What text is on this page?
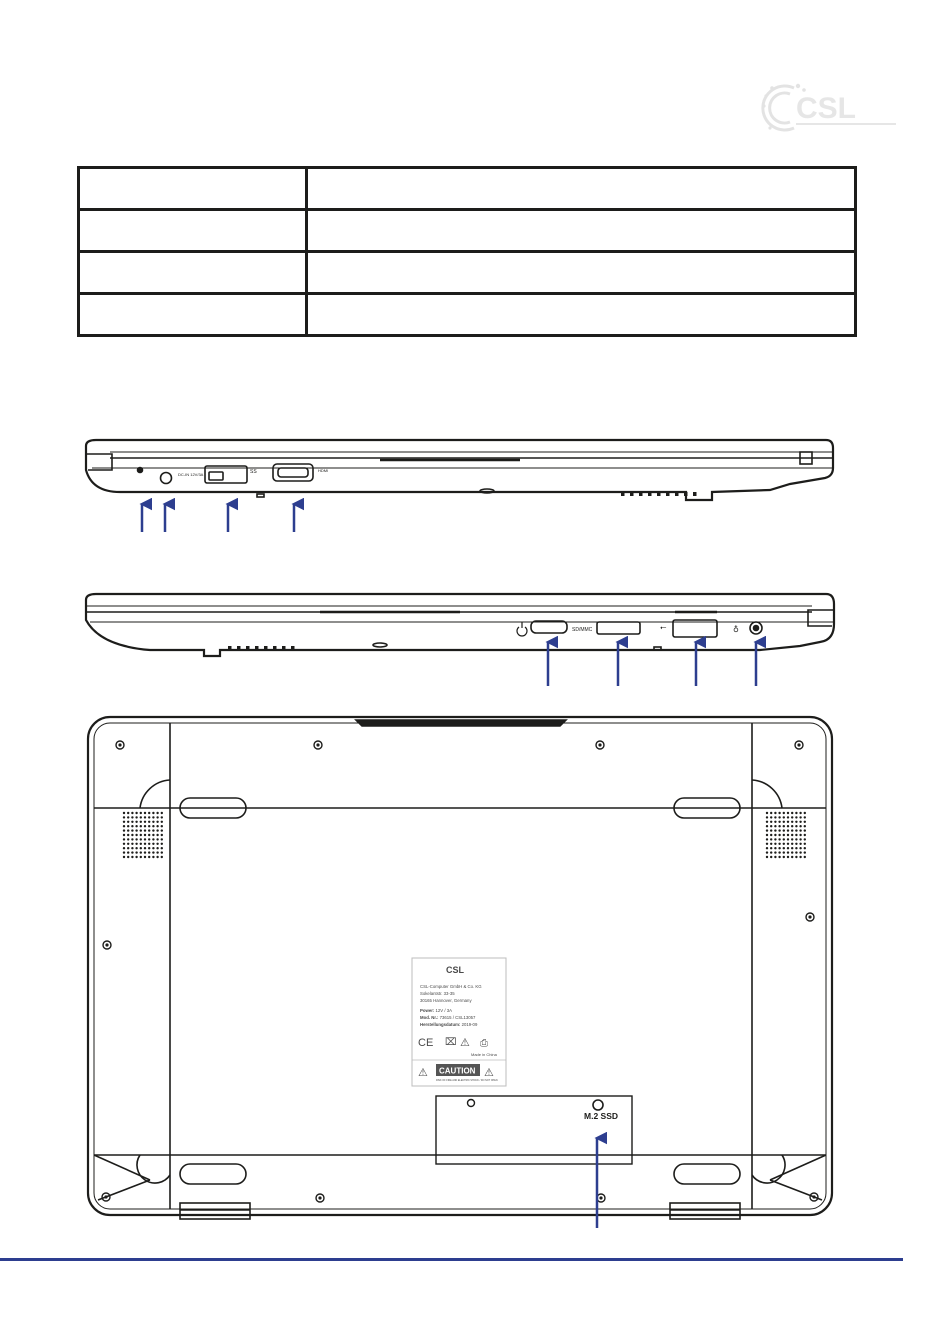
CSL

DC-IN 12V/3A	SS	HDMI
SD/MMC	⭠	♁
M.2 SSD
CSL
CSL-Computer GmbH & Co. KG
Sokelantstr. 33-35
30165 Hannover, Germany
Power: 12V / 3A
Mod. Nr.: 73615 / CSL13057
Herstellungsdatum: 2019-09
CE ⌧ ⚠ ⎙
Made in China
⚠ CAUTION
RISK OF FIRE AND ELECTRIC SHOCK / DO NOT OPEN
⚠
